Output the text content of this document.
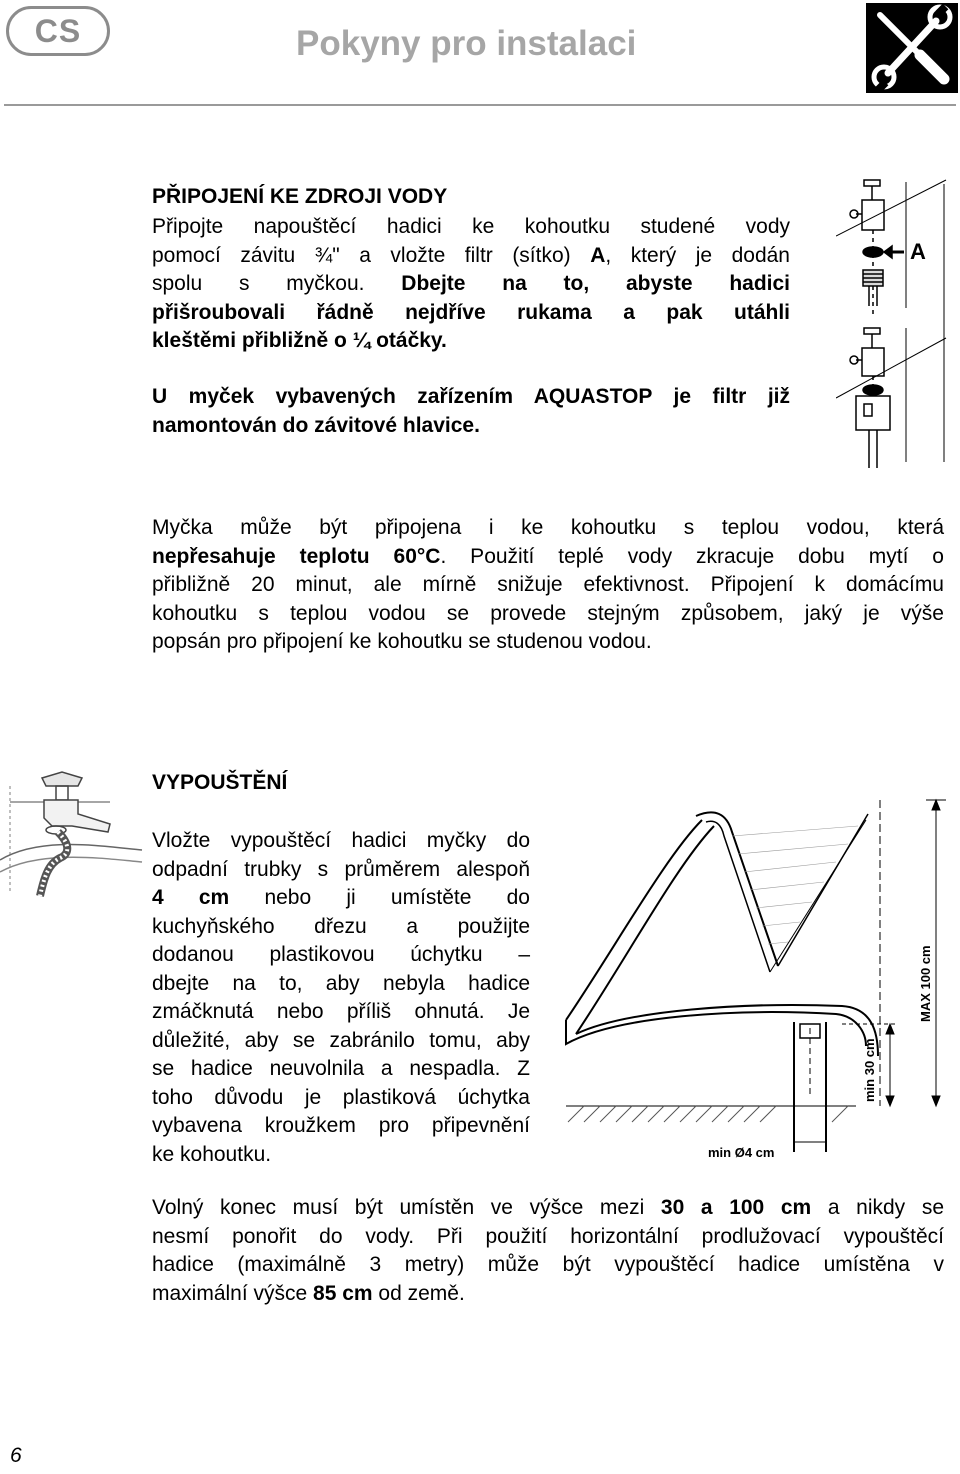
CS	Pokyny pro instalaci
PŘIPOJENÍ KE ZDROJI VODY
Připojte napouštěcí hadici ke kohoutku studené vody
pomocí závitu ¾" a vložte filtr (sítko) A, který je dodán
spolu s myčkou. Dbejte na to, abyste hadici
přišroubovali řádně nejdříve rukama a pak utáhli
kleštěmi přibližně o ¼ otáčky.
U myček vybavených zařízením AQUASTOP je filtr již
namontován do závitové hlavice.
A
Myčka může být připojena i ke kohoutku s teplou vodou, která
nepřesahuje teplotu 60°C. Použití teplé vody zkracuje dobu mytí o
přibližně 20 minut, ale mírně snižuje efektivnost. Připojení k domácímu
kohoutku s teplou vodou se provede stejným způsobem, jaký je výše
popsán pro připojení ke kohoutku se studenou vodou.
VYPOUŠTĚNÍ
Vložte vypouštěcí hadici myčky do
odpadní trubky s průměrem alespoň
4 cm nebo ji umístěte do
kuchyňského dřezu a použijte
dodanou plastikovou úchytku –
dbejte na to, aby nebyla hadice
zmáčknutá nebo příliš ohnutá. Je
důležité, aby se zabránilo tomu, aby
se hadice neuvolnila a nespadla. Z
toho důvodu je plastiková úchytka
vybavena kroužkem pro připevnění
ke kohoutku.
MAX 100 cm
min 30 cm
min Ø4 cm
Volný konec musí být umístěn ve výšce mezi 30 a 100 cm a nikdy se
nesmí ponořit do vody. Při použití horizontální prodlužovací vypouštěcí
hadice (maximálně 3 metry) může být vypouštěcí hadice umístěna v
maximální výšce 85 cm od země.
6
